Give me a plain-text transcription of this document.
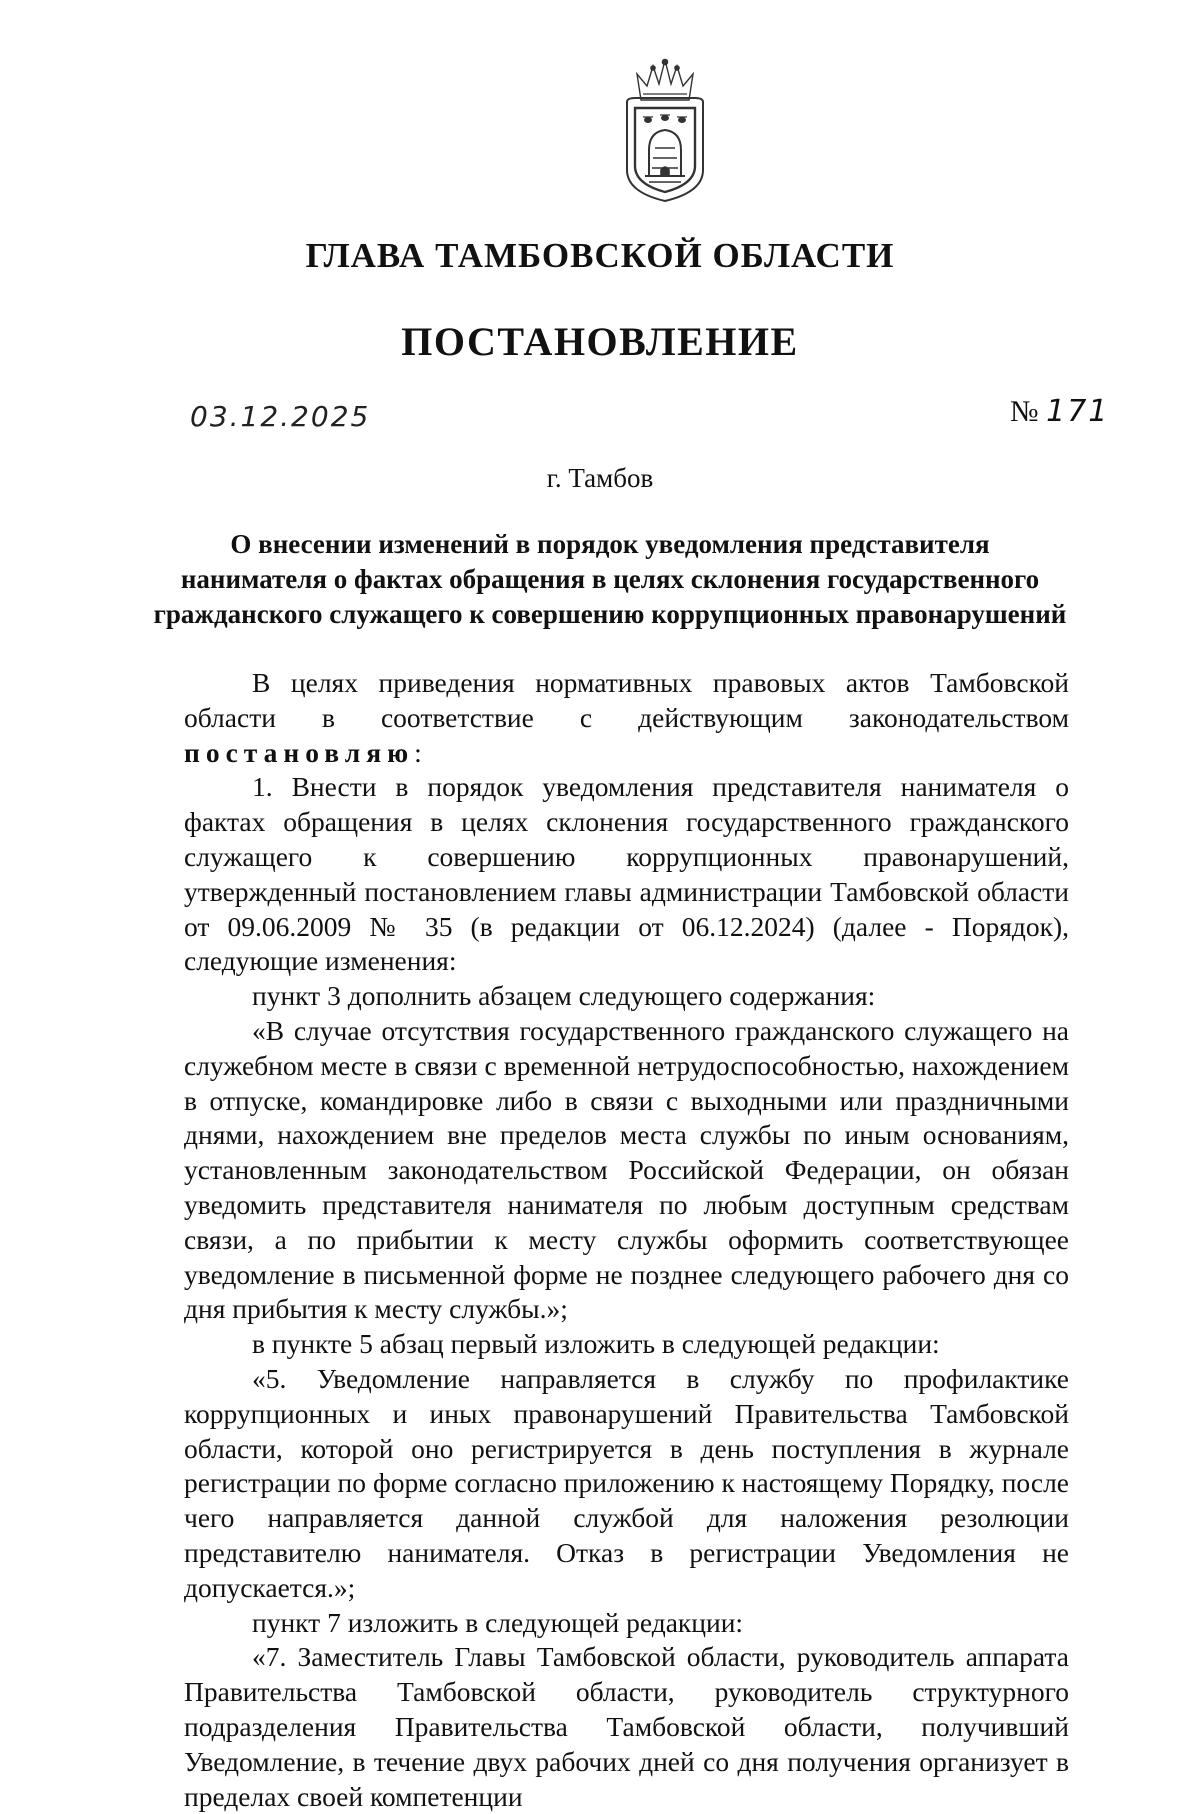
ГЛАВА ТАМБОВСКОЙ ОБЛАСТИ
ПОСТАНОВЛЕНИЕ
03.12.2025	№ 171
г. Тамбов
О внесении изменений в порядок уведомления представителя
нанимателя о фактах обращения в целях склонения государственного
гражданского служащего к совершению коррупционных правонарушений

В целях приведения нормативных правовых актов Тамбовской области в соответствие с действующим законодательством постановляю:

1. Внести в порядок уведомления представителя нанимателя о фактах обращения в целях склонения государственного гражданского служащего к совершению коррупционных правонарушений, утвержденный постановлением главы администрации Тамбовской области от 09.06.2009 № 35 (в редакции от 06.12.2024) (далее - Порядок), следующие изменения:

пункт 3 дополнить абзацем следующего содержания:

«В случае отсутствия государственного гражданского служащего на служебном месте в связи с временной нетрудоспособностью, нахождением в отпуске, командировке либо в связи с выходными или праздничными днями, нахождением вне пределов места службы по иным основаниям, установленным законодательством Российской Федерации, он обязан уведомить представителя нанимателя по любым доступным средствам связи, а по прибытии к месту службы оформить соответствующее уведомление в письменной форме не позднее следующего рабочего дня со дня прибытия к месту службы.»;

в пункте 5 абзац первый изложить в следующей редакции:

«5. Уведомление направляется в службу по профилактике коррупционных и иных правонарушений Правительства Тамбовской области, которой оно регистрируется в день поступления в журнале регистрации по форме согласно приложению к настоящему Порядку, после чего направляется данной службой для наложения резолюции представителю нанимателя. Отказ в регистрации Уведомления не допускается.»;

пункт 7 изложить в следующей редакции:

«7. Заместитель Главы Тамбовской области, руководитель аппарата Правительства Тамбовской области, руководитель структурного подразделения Правительства Тамбовской области, получивший Уведомление, в течение двух рабочих дней со дня получения организует в пределах своей компетенции
